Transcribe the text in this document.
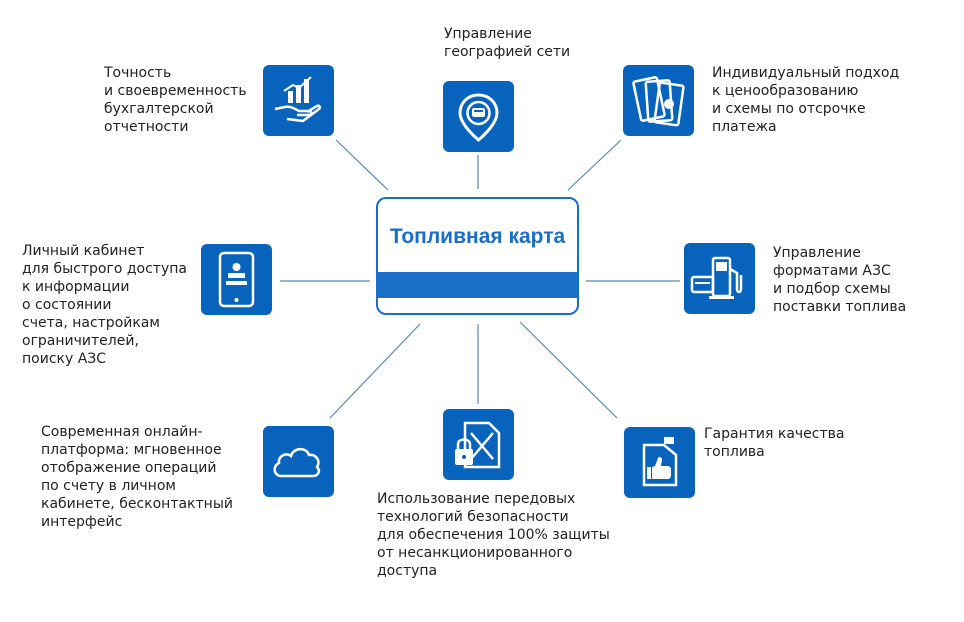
Топливная карта

Управление
географией сети

Индивидуальный подход
к ценообразованию
и схемы по отсрочке
платежа

Управление
форматами АЗС
и подбор схемы
поставки топлива

Гарантия качества
топлива

Использование передовых
технологий безопасности
для обеспечения 100% защиты
от несанкционированного
доступа

Современная онлайн-
платформа: мгновенное
отображение операций
по счету в личном
кабинете, бесконтактный
интерфейс

Личный кабинет
для быстрого доступа
к информации
о состоянии
счета, настройкам
ограничителей,
поиску АЗС

Точность
и своевременность
бухгалтерской
отчетности
